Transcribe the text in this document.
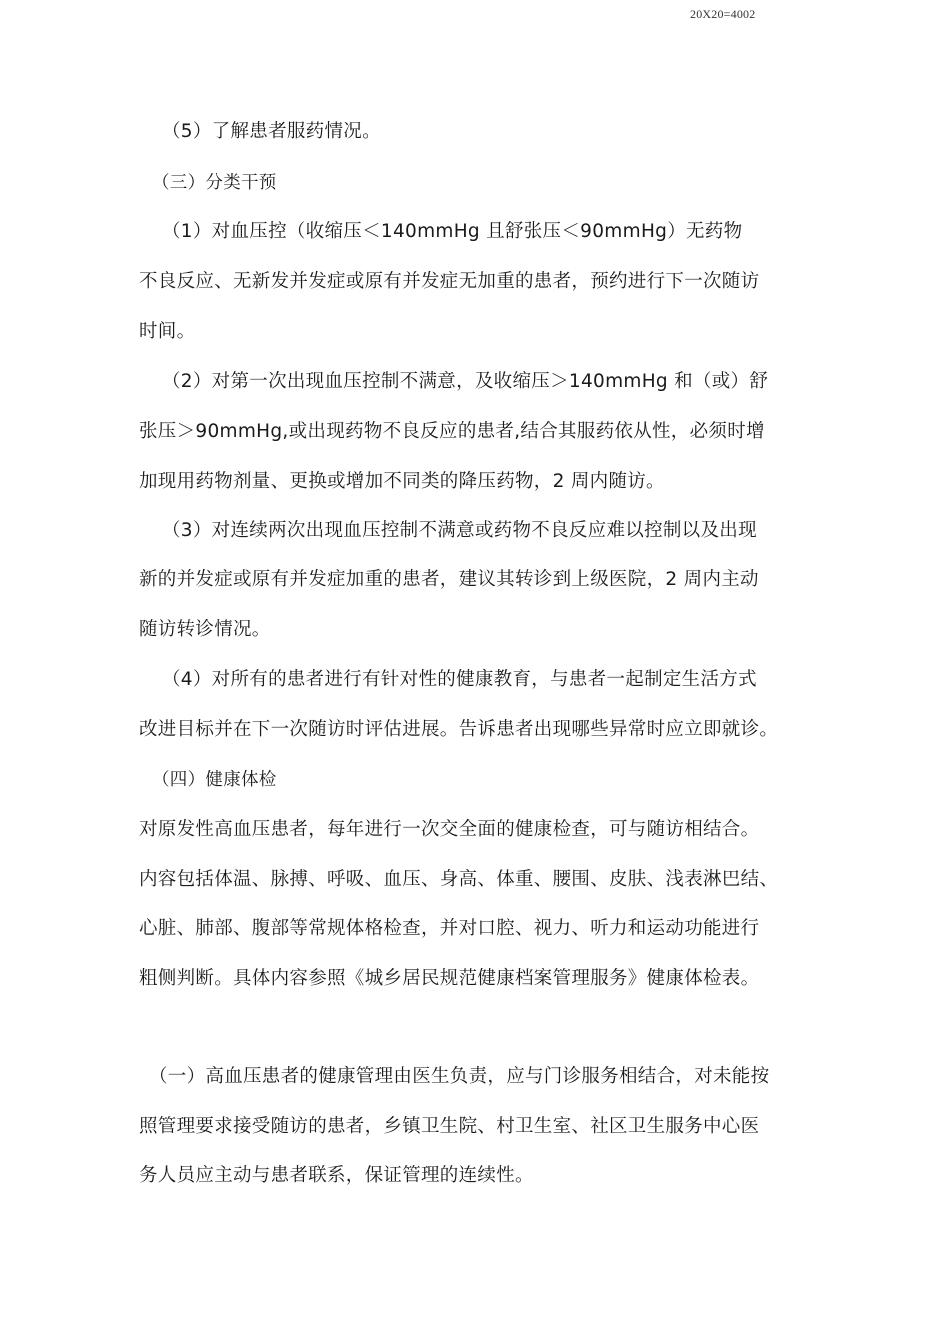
20X20=4002
（5）了解患者服药情况。
（三）分类干预
（1）对血压控（收缩压＜140mmHg 且舒张压＜90mmHg）无药物
不良反应、无新发并发症或原有并发症无加重的患者，预约进行下一次随访
时间。
（2）对第一次出现血压控制不满意，及收缩压＞140mmHg 和（或）舒
张压＞90mmHg,或出现药物不良反应的患者,结合其服药依从性，必须时增
加现用药物剂量、更换或增加不同类的降压药物，2 周内随访。
（3）对连续两次出现血压控制不满意或药物不良反应难以控制以及出现
新的并发症或原有并发症加重的患者，建议其转诊到上级医院，2 周内主动
随访转诊情况。
（4）对所有的患者进行有针对性的健康教育，与患者一起制定生活方式
改进目标并在下一次随访时评估进展。告诉患者出现哪些异常时应立即就诊。
（四）健康体检
对原发性高血压患者，每年进行一次交全面的健康检查，可与随访相结合。
内容包括体温、脉搏、呼吸、血压、身高、体重、腰围、皮肤、浅表淋巴结、
心脏、肺部、腹部等常规体格检查，并对口腔、视力、听力和运动功能进行
粗侧判断。具体内容参照《城乡居民规范健康档案管理服务》健康体检表。
（一）高血压患者的健康管理由医生负责，应与门诊服务相结合，对未能按
照管理要求接受随访的患者，乡镇卫生院、村卫生室、社区卫生服务中心医
务人员应主动与患者联系，保证管理的连续性。
